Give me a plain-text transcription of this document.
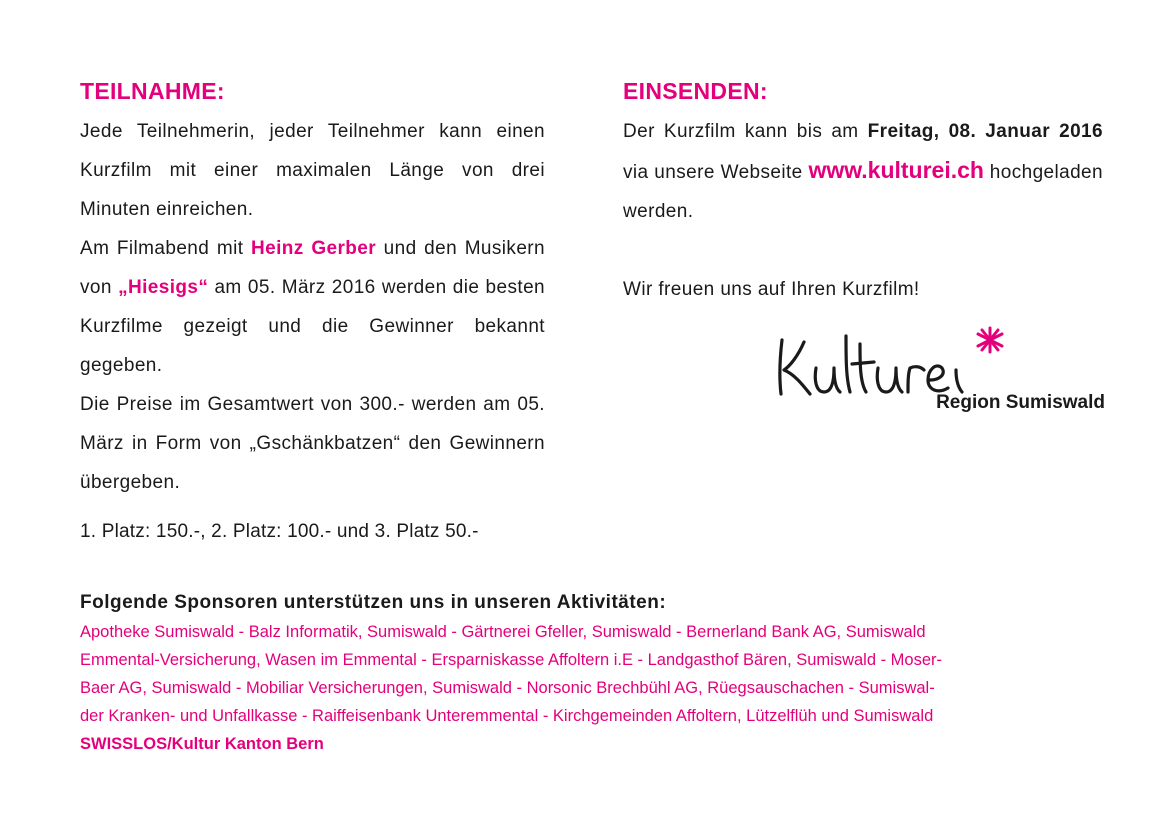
TEILNAHME:

Jede Teilnehmerin, jeder Teilnehmer kann einen Kurzfilm mit einer maximalen Länge von drei Minuten einreichen.

Am Filmabend mit Heinz Gerber und den Musikern von „Hiesigs“ am 05. März 2016 werden die besten Kurzfilme gezeigt und die Gewinner bekannt gegeben.

Die Preise im Gesamtwert von 300.- werden am 05. März in Form von „Gschänkbatzen“ den Gewinnern übergeben.

1. Platz: 150.-, 2. Platz: 100.- und 3. Platz 50.-
EINSENDEN:

Der Kurzfilm kann bis am Freitag, 08. Januar 2016 via unsere Webseite www.kulturei.ch hochgeladen werden.

Wir freuen uns auf Ihren Kurzfilm!

Region Sumiswald
Folgende Sponsoren unterstützen uns in unseren Aktivitäten:

Apotheke Sumiswald - Balz Informatik, Sumiswald - Gärtnerei Gfeller, Sumiswald - Bernerland Bank AG, Sumiswald

Emmental-Versicherung, Wasen im Emmental - Ersparniskasse Affoltern i.E - Landgasthof Bären, Sumiswald - Moser-

Baer AG, Sumiswald - Mobiliar Versicherungen, Sumiswald - Norsonic Brechbühl AG, Rüegsauschachen - Sumiswal-

der Kranken- und Unfallkasse - Raiffeisenbank Unteremmental - Kirchgemeinden Affoltern, Lützelflüh und Sumiswald

SWISSLOS/Kultur Kanton Bern
